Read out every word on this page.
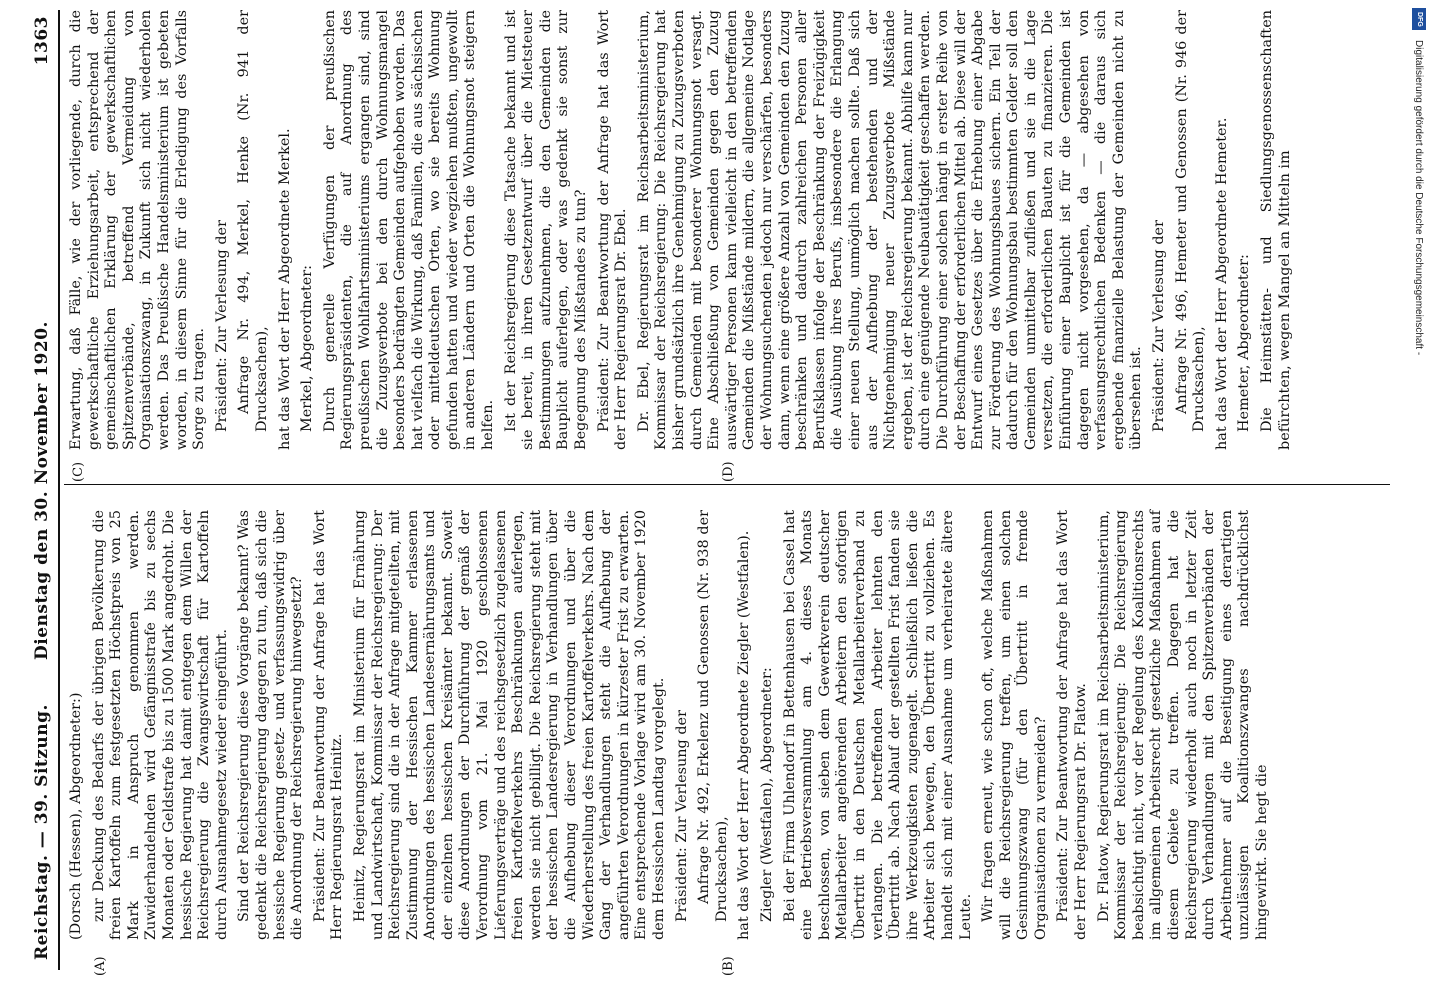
Reichstag. — 39. Sitzung.
Dienstag den 30. November 1920.
1363
(A)	(B)
(C)	(D)

(Dorsch (Hessen), Abgeordneter:) zur Deckung des Bedarfs der übrigen Bevölkerung die freien Kartoffeln zum festgesetzten Höchstpreis von 25 Mark in Anspruch genommen werden. Zuwiderhandelnden wird Gefängnisstrafe bis zu sechs Monaten oder Geldstrafe bis zu 1500 Mark angedroht. Die hessische Regierung hat damit entgegen dem Willen der Reichsregierung die Zwangswirtschaft für Kartoffeln durch Ausnahmegesetz wieder eingeführt. Sind der Reichsregierung diese Vorgänge bekannt? Was gedenkt die Reichsregierung dagegen zu tun, daß sich die hessische Regierung gesetz- und verfassungswidrig über die Anordnung der Reichsregierung hinwegsetzt? Präsident: Zur Beantwortung der Anfrage hat das Wort Herr Regierungsrat Heinitz. Heinitz, Regierungsrat im Ministerium für Ernährung und Landwirtschaft, Kommissar der Reichsregierung: Der Reichsregierung sind die in der Anfrage mitgeteilten, mit Zustimmung der Hessischen Kammer erlassenen Anordnungen des hessischen Landesernährungsamts und der einzelnen hessischen Kreisämter bekannt. Soweit diese Anordnungen der Durchführung der gemäß der Verordnung vom 21. Mai 1920 geschlossenen Lieferungsverträge und des reichsgesetzlich zugelassenen freien Kartoffelverkehrs Beschränkungen auferlegen, werden sie nicht gebilligt. Die Reichsregierung steht mit der hessischen Landesregierung in Verhandlungen über die Aufhebung dieser Verordnungen und über die Wiederherstellung des freien Kartoffelverkehrs. Nach dem Gang der Verhandlungen steht die Aufhebung der angeführten Verordnungen in kürzester Frist zu erwarten. Eine entsprechende Vorlage wird am 30. November 1920 dem Hessischen Landtag vorgelegt. Präsident: Zur Verlesung der Anfrage Nr. 492, Erkelenz und Genossen (Nr. 938 der Drucksachen), hat das Wort der Herr Abgeordnete Ziegler (Westfalen). Ziegler (Westfalen), Abgeordneter: Bei der Firma Uhlendorf in Bettenhausen bei Cassel hat eine Betriebsversammlung am 4. dieses Monats beschlossen, von sieben dem Gewerkverein deutscher Metallarbeiter angehörenden Arbeitern den sofortigen Übertritt in den Deutschen Metallarbeiterverband zu verlangen. Die betreffenden Arbeiter lehnten den Übertritt ab. Nach Ablauf der gestellten Frist fanden sie ihre Werkzeugkisten zugenagelt. Schließlich ließen die Arbeiter sich bewegen, den Übertritt zu vollziehen. Es handelt sich mit einer Ausnahme um verheiratete ältere Leute. Wir fragen erneut, wie schon oft, welche Maßnahmen will die Reichsregierung treffen, um einen solchen Gesinnungszwang (für den Übertritt in fremde Organisationen zu vermeiden? Präsident: Zur Beantwortung der Anfrage hat das Wort der Herr Regierungsrat Dr. Flatow. Dr. Flatow, Regierungsrat im Reichsarbeitsministerium, Kommissar der Reichsregierung: Die Reichsregierung beabsichtigt nicht, vor der Regelung des Koalitionsrechts im allgemeinen Arbeitsrecht gesetzliche Maßnahmen auf diesem Gebiete zu treffen. Dagegen hat die Reichsregierung wiederholt auch noch in letzter Zeit durch Verhandlungen mit den Spitzenverbänden der Arbeitnehmer auf die Beseitigung eines derartigen unzulässigen Koalitionszwanges nachdrücklichst hingewirkt. Sie hegt die

Erwartung, daß Fälle, wie der vorliegende, durch die gewerkschaftliche Erziehungsarbeit, entsprechend der gemeinschaftlichen Erklärung der gewerkschaftlichen Spitzenverbände, betreffend Vermeidung von Organisationszwang, in Zukunft sich nicht wiederholen werden. Das Preußische Handelsministerium ist gebeten worden, in diesem Sinne für die Erledigung des Vorfalls Sorge zu tragen. Präsident: Zur Verlesung der Anfrage Nr. 494, Merkel, Henke (Nr. 941 der Drucksachen), hat das Wort der Herr Abgeordnete Merkel. Merkel, Abgeordneter: Durch generelle Verfügungen der preußischen Regierungspräsidenten, die auf Anordnung des preußischen Wohlfahrtsministeriums ergangen sind, sind die Zuzugsverbote bei den durch Wohnungsmangel besonders bedrängten Gemeinden aufgehoben worden. Das hat vielfach die Wirkung, daß Familien, die aus sächsischen oder mitteldeutschen Orten, wo sie bereits Wohnung gefunden hatten und wieder wegziehen mußten, ungewollt in anderen Ländern und Orten die Wohnungsnot steigern helfen. Ist der Reichsregierung diese Tatsache bekannt und ist sie bereit, in ihren Gesetzentwurf über die Mietsteuer Bestimmungen aufzunehmen, die den Gemeinden die Bauplicht auferlegen, oder was gedenkt sie sonst zur Begegnung des Mißstandes zu tun? Präsident: Zur Beantwortung der Anfrage hat das Wort der Herr Regierungsrat Dr. Ebel. Dr. Ebel, Regierungsrat im Reichsarbeitsministerium, Kommissar der Reichsregierung: Die Reichsregierung hat bisher grundsätzlich ihre Genehmigung zu Zuzugsverboten durch Gemeinden mit besonderer Wohnungsnot versagt. Eine Abschließung von Gemeinden gegen den Zuzug auswärtiger Personen kann vielleicht in den betreffenden Gemeinden die Mißstände mildern, die allgemeine Notlage der Wohnungsuchenden jedoch nur verschärfen, besonders dann, wenn eine größere Anzahl von Gemeinden den Zuzug beschränken und dadurch zahlreichen Personen aller Berufsklassen infolge der Beschränkung der Freizügigkeit die Ausübung ihres Berufs, insbesondere die Erlangung einer neuen Stellung, unmöglich machen sollte. Daß sich aus der Aufhebung der bestehenden und der Nichtgenehmigung neuer Zuzugsverbote Mißstände ergeben, ist der Reichsregierung bekannt. Abhilfe kann nur durch eine genügende Neubautätigkeit geschaffen werden. Die Durchführung einer solchen hängt in erster Reihe von der Beschaffung der erforderlichen Mittel ab. Diese will der Entwurf eines Gesetzes über die Erhebung einer Abgabe zur Förderung des Wohnungsbaues sichern. Ein Teil der dadurch für den Wohnungsbau bestimmten Gelder soll den Gemeinden unmittelbar zufließen und sie in die Lage versetzen, die erforderlichen Bauten zu finanzieren. Die Einführung einer Bauplicht ist für die Gemeinden ist dagegen nicht vorgesehen, da — abgesehen von verfassungsrechtlichen Bedenken — die daraus sich ergebende finanzielle Belastung der Gemeinden nicht zu übersehen ist. Präsident: Zur Verlesung der Anfrage Nr. 496, Hemeter und Genossen (Nr. 946 der Drucksachen), hat das Wort der Herr Abgeordnete Hemeter. Hemeter, Abgeordneter: Die Heimstätten- und Siedlungsgenossenschaften befürchten, wegen Mangel an Mitteln im

DFG
Digitalisierung gefördert durch die Deutsche Forschungsgemeinschaft -
